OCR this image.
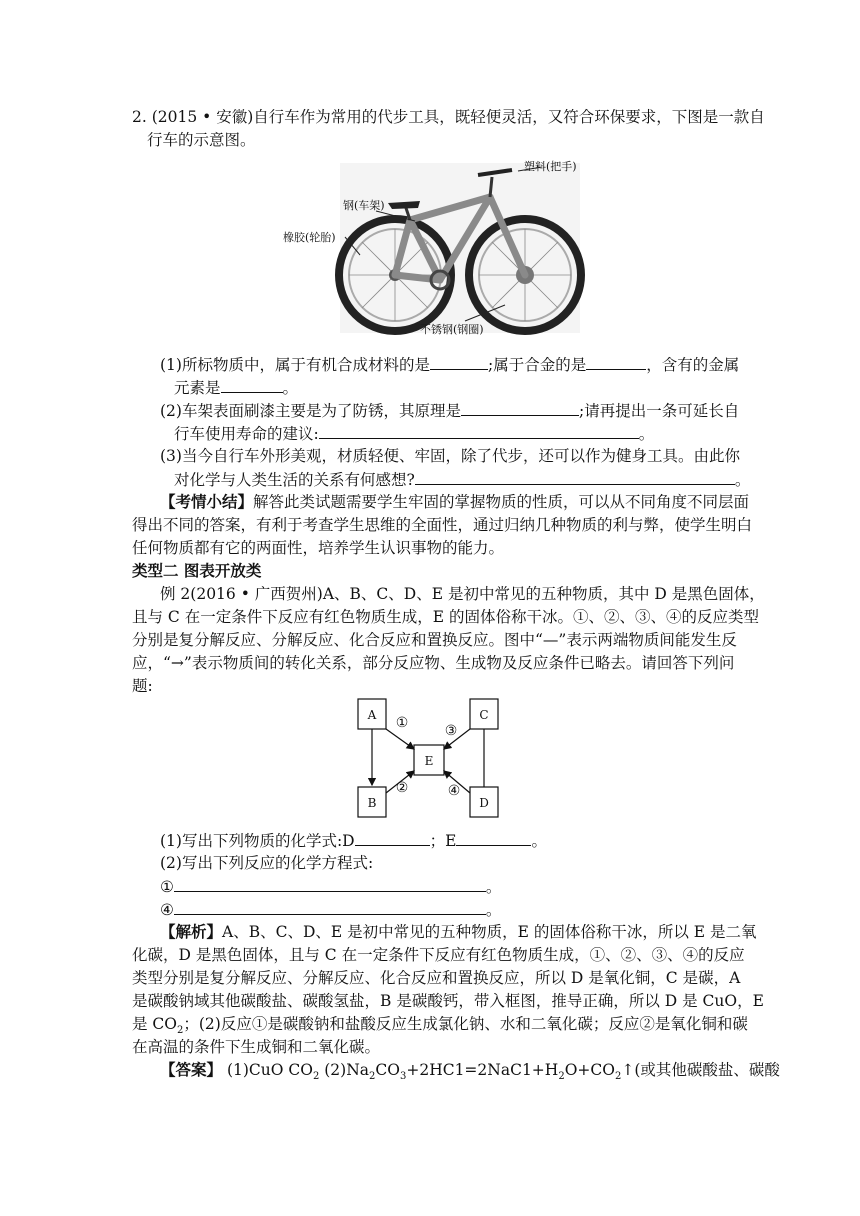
2. (2015 • 安徽)自行车作为常用的代步工具，既轻便灵活，又符合环保要求，下图是一款自
行车的示意图。
塑料(把手)
钢(车架)
橡胶(轮胎)
不锈钢(钢圈)
(1)所标物质中，属于有机合成材料的是	;属于合金的是	，含有的金属
元素是	。
(2)车架表面刷漆主要是为了防锈，其原理是	;请再提出一条可延长自
行车使用寿命的建议:	。
(3)当今自行车外形美观，材质轻便、牢固，除了代步，还可以作为健身工具。由此你
对化学与人类生活的关系有何感想?	。
【考情小结】解答此类试题需要学生牢固的掌握物质的性质，可以从不同角度不同层面
得出不同的答案，有利于考查学生思维的全面性，通过归纳几种物质的利与弊，使学生明白
任何物质都有它的两面性，培养学生认识事物的能力。
类型二 图表开放类
例 2(2016 • 广西贺州)A、B、C、D、E 是初中常见的五种物质，其中 D 是黑色固体，
且与 C 在一定条件下反应有红色物质生成，E 的固体俗称干冰。①、②、③、④的反应类型
分别是复分解反应、分解反应、化合反应和置换反应。图中“—”表示两端物质间能发生反
应，“→”表示物质间的转化关系，部分反应物、生成物及反应条件已略去。请回答下列问
题:
A	C
E
B	D
①	③
②	④
(1)写出下列物质的化学式:D	；E	。
(2)写出下列反应的化学方程式:
①	。
④	。
【解析】A、B、C、D、E 是初中常见的五种物质，E 的固体俗称干冰，所以 E 是二氧
化碳，D 是黑色固体，且与 C 在一定条件下反应有红色物质生成，①、②、③、④的反应
类型分别是复分解反应、分解反应、化合反应和置换反应，所以 D 是氧化铜，C 是碳，A
是碳酸钠域其他碳酸盐、碳酸氢盐，B 是碳酸钙，带入框图，推导正确，所以 D 是 CuO，E
是 $CO_2$；(2)反应①是碳酸钠和盐酸反应生成氯化钠、水和二氧化碳；反应②是氧化铜和碳
在高温的条件下生成铜和二氧化碳。
【答案】 (1)CuO $CO_2$ $(2)Na_2CO_3+2HC1=2NaC1+H_2O+CO_2↑$(或其他碳酸盐、碳酸
